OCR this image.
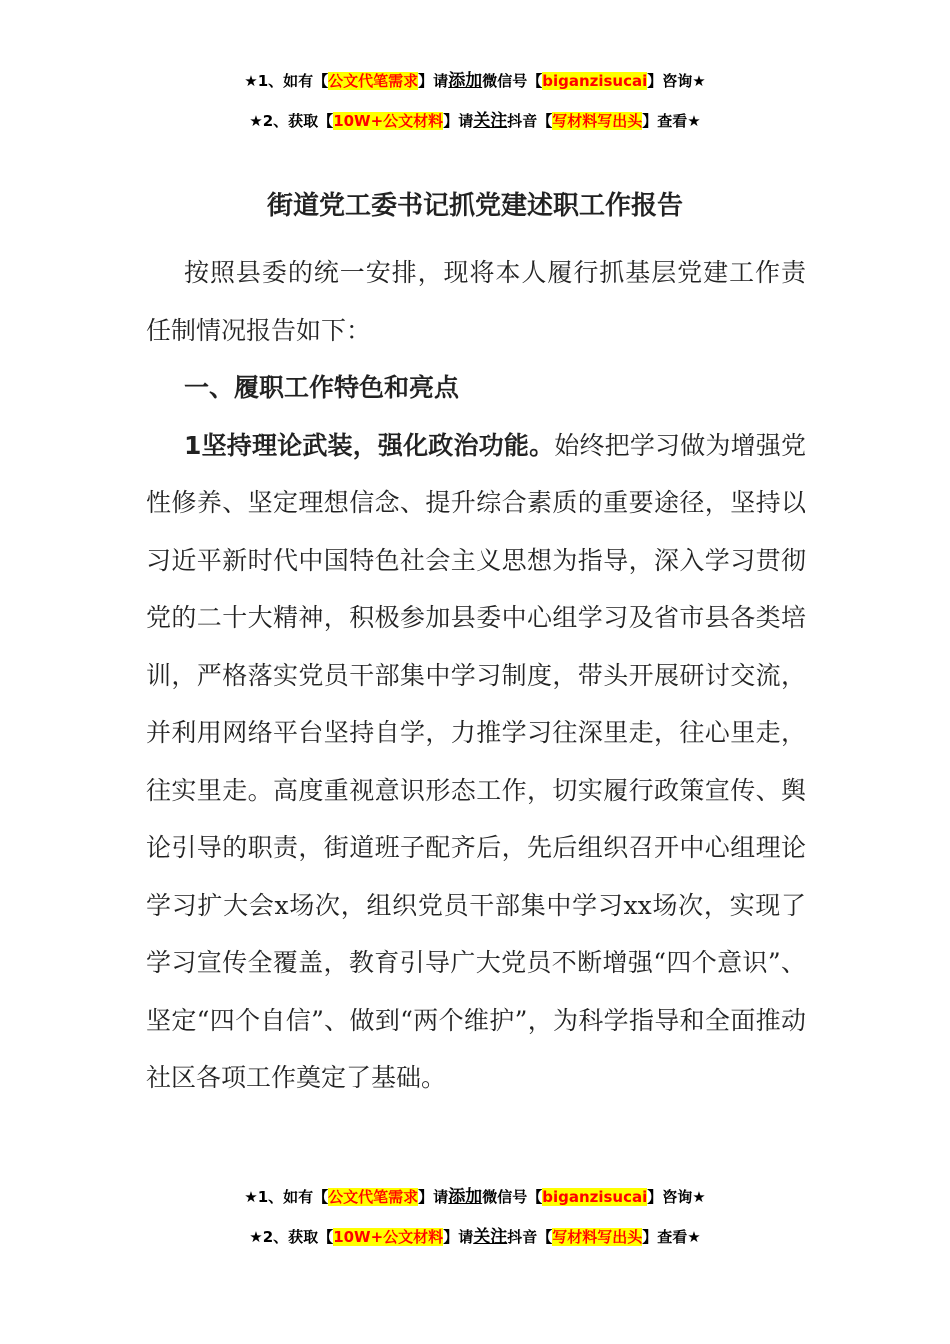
★1、如有【公文代笔需求】请添加微信号【biganzisucai】咨询★
★2、获取【10W+公文材料】请关注抖音【写材料写出头】查看★
街道党工委书记抓党建述职工作报告

按照县委的统一安排，现将本人履行抓基层党建工作责任制情况报告如下：

一、履职工作特色和亮点

1坚持理论武装，强化政治功能。始终把学习做为增强党性修养、坚定理想信念、提升综合素质的重要途径，坚持以习近平新时代中国特色社会主义思想为指导，深入学习贯彻党的二十大精神，积极参加县委中心组学习及省市县各类培训，严格落实党员干部集中学习制度，带头开展研讨交流，并利用网络平台坚持自学，力推学习往深里走，往心里走，往实里走。高度重视意识形态工作，切实履行政策宣传、舆论引导的职责，街道班子配齐后，先后组织召开中心组理论学习扩大会x场次，组织党员干部集中学习xx场次，实现了学习宣传全覆盖，教育引导广大党员不断增强“四个意识”、坚定“四个自信”、做到“两个维护”，为科学指导和全面推动社区各项工作奠定了基础。

★1、如有【公文代笔需求】请添加微信号【biganzisucai】咨询★
★2、获取【10W+公文材料】请关注抖音【写材料写出头】查看★
